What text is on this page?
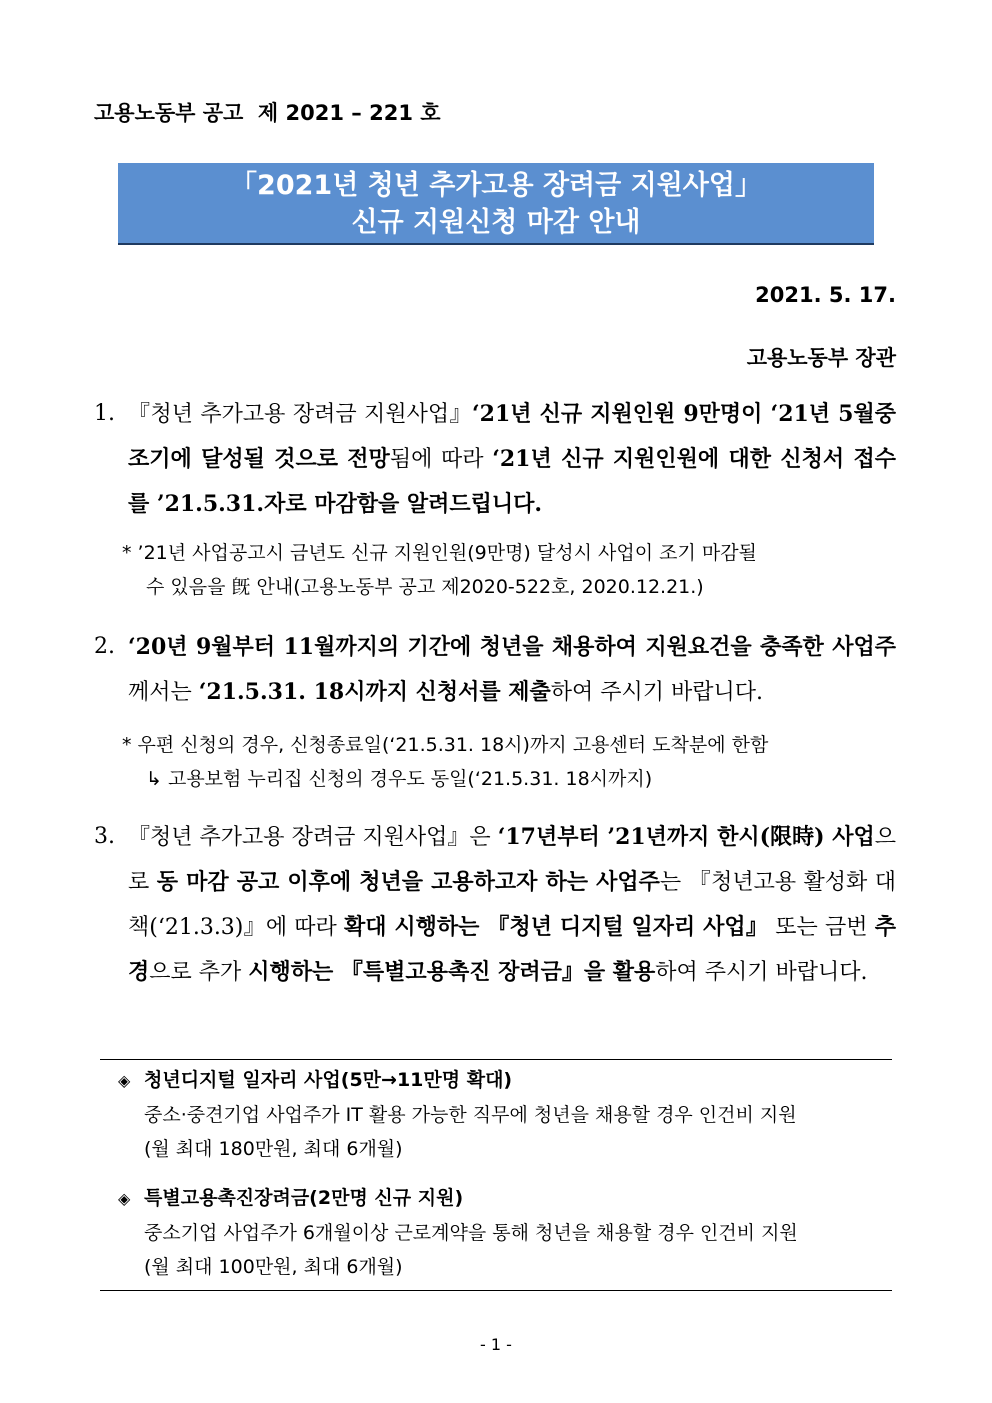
고용노동부 공고  제 2021 – 221 호
「2021년 청년 추가고용 장려금 지원사업」
신규 지원신청 마감 안내
2021. 5. 17.
고용노동부 장관
1. 『청년 추가고용 장려금 지원사업』‘21년 신규 지원인원 9만명이 ‘21년 5월중 조기에 달성될 것으로 전망됨에 따라 ‘21년 신규 지원인원에 대한 신청서 접수를 ’21.5.31.자로 마감함을 알려드립니다.
* ’21년 사업공고시 금년도 신규 지원인원(9만명) 달성시 사업이 조기 마감될
수 있음을 旣 안내(고용노동부 공고 제2020-522호, 2020.12.21.)
2. ‘20년 9월부터 11월까지의 기간에 청년을 채용하여 지원요건을 충족한 사업주께서는 ‘21.5.31. 18시까지 신청서를 제출하여 주시기 바랍니다.
* 우편 신청의 경우, 신청종료일(‘21.5.31. 18시)까지 고용센터 도착분에 한함
↳ 고용보험 누리집 신청의 경우도 동일(‘21.5.31. 18시까지)
3. 『청년 추가고용 장려금 지원사업』은 ‘17년부터 ’21년까지 한시(限時) 사업으로 동 마감 공고 이후에 청년을 고용하고자 하는 사업주는 『청년고용 활성화 대책(‘21.3.3)』에 따라 확대 시행하는 『청년 디지털 일자리 사업』 또는 금번 추경으로 추가 시행하는 『특별고용촉진 장려금』을 활용하여 주시기 바랍니다.
◈ 청년디지털 일자리 사업(5만→11만명 확대)
중소·중견기업 사업주가 IT 활용 가능한 직무에 청년을 채용할 경우 인건비 지원
(월 최대 180만원, 최대 6개월)
◈ 특별고용촉진장려금(2만명 신규 지원)
중소기업 사업주가 6개월이상 근로계약을 통해 청년을 채용할 경우 인건비 지원
(월 최대 100만원, 최대 6개월)
- 1 -
